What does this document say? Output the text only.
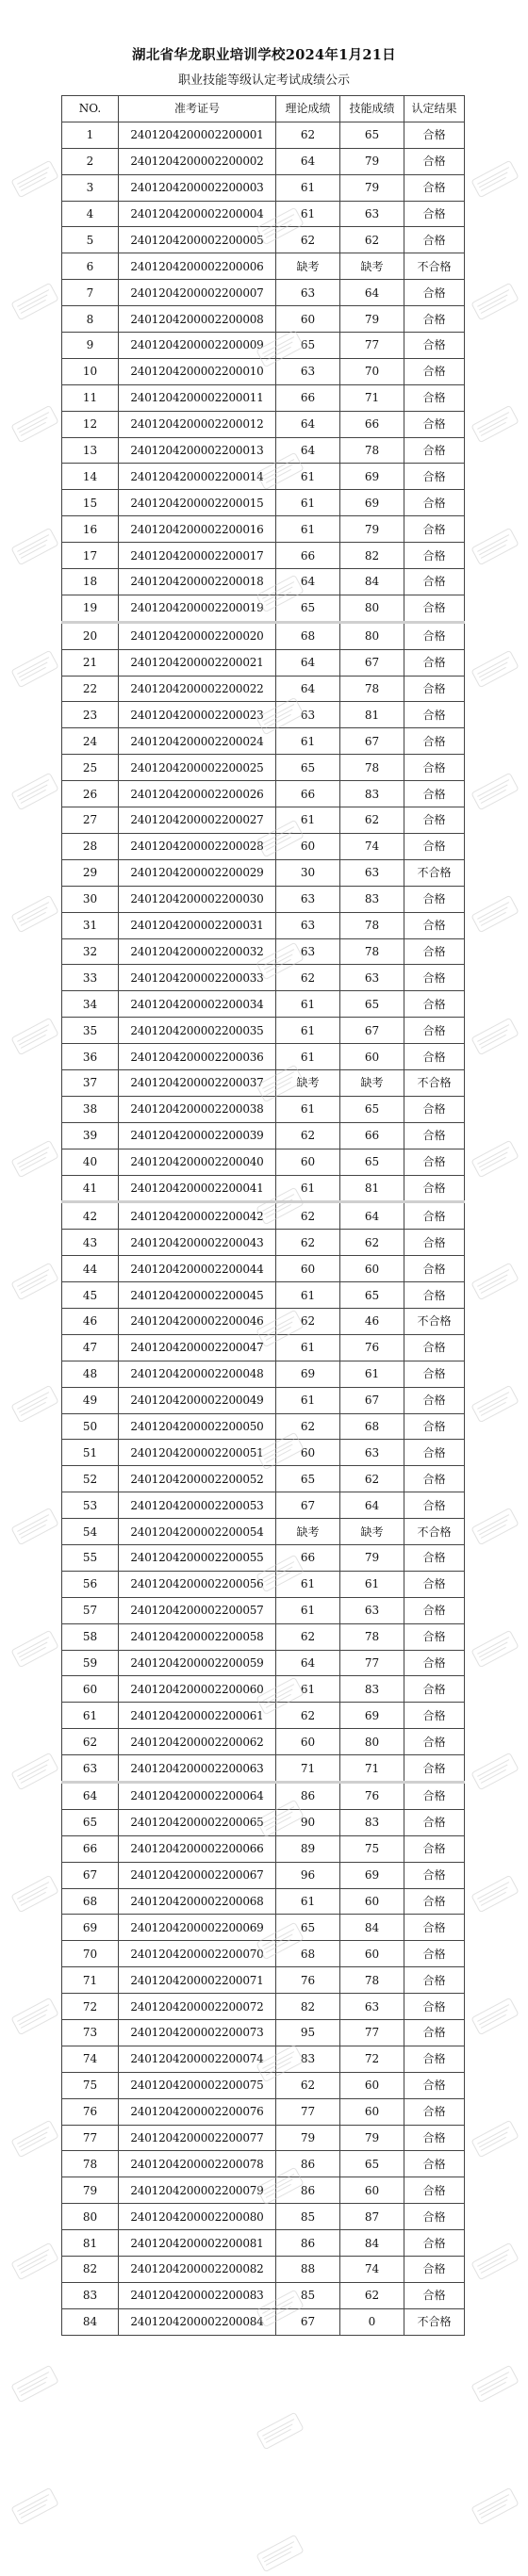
湖北省华龙职业培训学校2024年1月21日
职业技能等级认定考试成绩公示
NO.	准考证号	理论成绩	技能成绩	认定结果
1	2401204200002200001	62	65	合格
2	2401204200002200002	64	79	合格
3	2401204200002200003	61	79	合格
4	2401204200002200004	61	63	合格
5	2401204200002200005	62	62	合格
6	2401204200002200006	缺考	缺考	不合格
7	2401204200002200007	63	64	合格
8	2401204200002200008	60	79	合格
9	2401204200002200009	65	77	合格
10	2401204200002200010	63	70	合格
11	2401204200002200011	66	71	合格
12	2401204200002200012	64	66	合格
13	2401204200002200013	64	78	合格
14	2401204200002200014	61	69	合格
15	2401204200002200015	61	69	合格
16	2401204200002200016	61	79	合格
17	2401204200002200017	66	82	合格
18	2401204200002200018	64	84	合格
19	2401204200002200019	65	80	合格
20	2401204200002200020	68	80	合格
21	2401204200002200021	64	67	合格
22	2401204200002200022	64	78	合格
23	2401204200002200023	63	81	合格
24	2401204200002200024	61	67	合格
25	2401204200002200025	65	78	合格
26	2401204200002200026	66	83	合格
27	2401204200002200027	61	62	合格
28	2401204200002200028	60	74	合格
29	2401204200002200029	30	63	不合格
30	2401204200002200030	63	83	合格
31	2401204200002200031	63	78	合格
32	2401204200002200032	63	78	合格
33	2401204200002200033	62	63	合格
34	2401204200002200034	61	65	合格
35	2401204200002200035	61	67	合格
36	2401204200002200036	61	60	合格
37	2401204200002200037	缺考	缺考	不合格
38	2401204200002200038	61	65	合格
39	2401204200002200039	62	66	合格
40	2401204200002200040	60	65	合格
41	2401204200002200041	61	81	合格
42	2401204200002200042	62	64	合格
43	2401204200002200043	62	62	合格
44	2401204200002200044	60	60	合格
45	2401204200002200045	61	65	合格
46	2401204200002200046	62	46	不合格
47	2401204200002200047	61	76	合格
48	2401204200002200048	69	61	合格
49	2401204200002200049	61	67	合格
50	2401204200002200050	62	68	合格
51	2401204200002200051	60	63	合格
52	2401204200002200052	65	62	合格
53	2401204200002200053	67	64	合格
54	2401204200002200054	缺考	缺考	不合格
55	2401204200002200055	66	79	合格
56	2401204200002200056	61	61	合格
57	2401204200002200057	61	63	合格
58	2401204200002200058	62	78	合格
59	2401204200002200059	64	77	合格
60	2401204200002200060	61	83	合格
61	2401204200002200061	62	69	合格
62	2401204200002200062	60	80	合格
63	2401204200002200063	71	71	合格
64	2401204200002200064	86	76	合格
65	2401204200002200065	90	83	合格
66	2401204200002200066	89	75	合格
67	2401204200002200067	96	69	合格
68	2401204200002200068	61	60	合格
69	2401204200002200069	65	84	合格
70	2401204200002200070	68	60	合格
71	2401204200002200071	76	78	合格
72	2401204200002200072	82	63	合格
73	2401204200002200073	95	77	合格
74	2401204200002200074	83	72	合格
75	2401204200002200075	62	60	合格
76	2401204200002200076	77	60	合格
77	2401204200002200077	79	79	合格
78	2401204200002200078	86	65	合格
79	2401204200002200079	86	60	合格
80	2401204200002200080	85	87	合格
81	2401204200002200081	86	84	合格
82	2401204200002200082	88	74	合格
83	2401204200002200083	85	62	合格
84	2401204200002200084	67	0	不合格
